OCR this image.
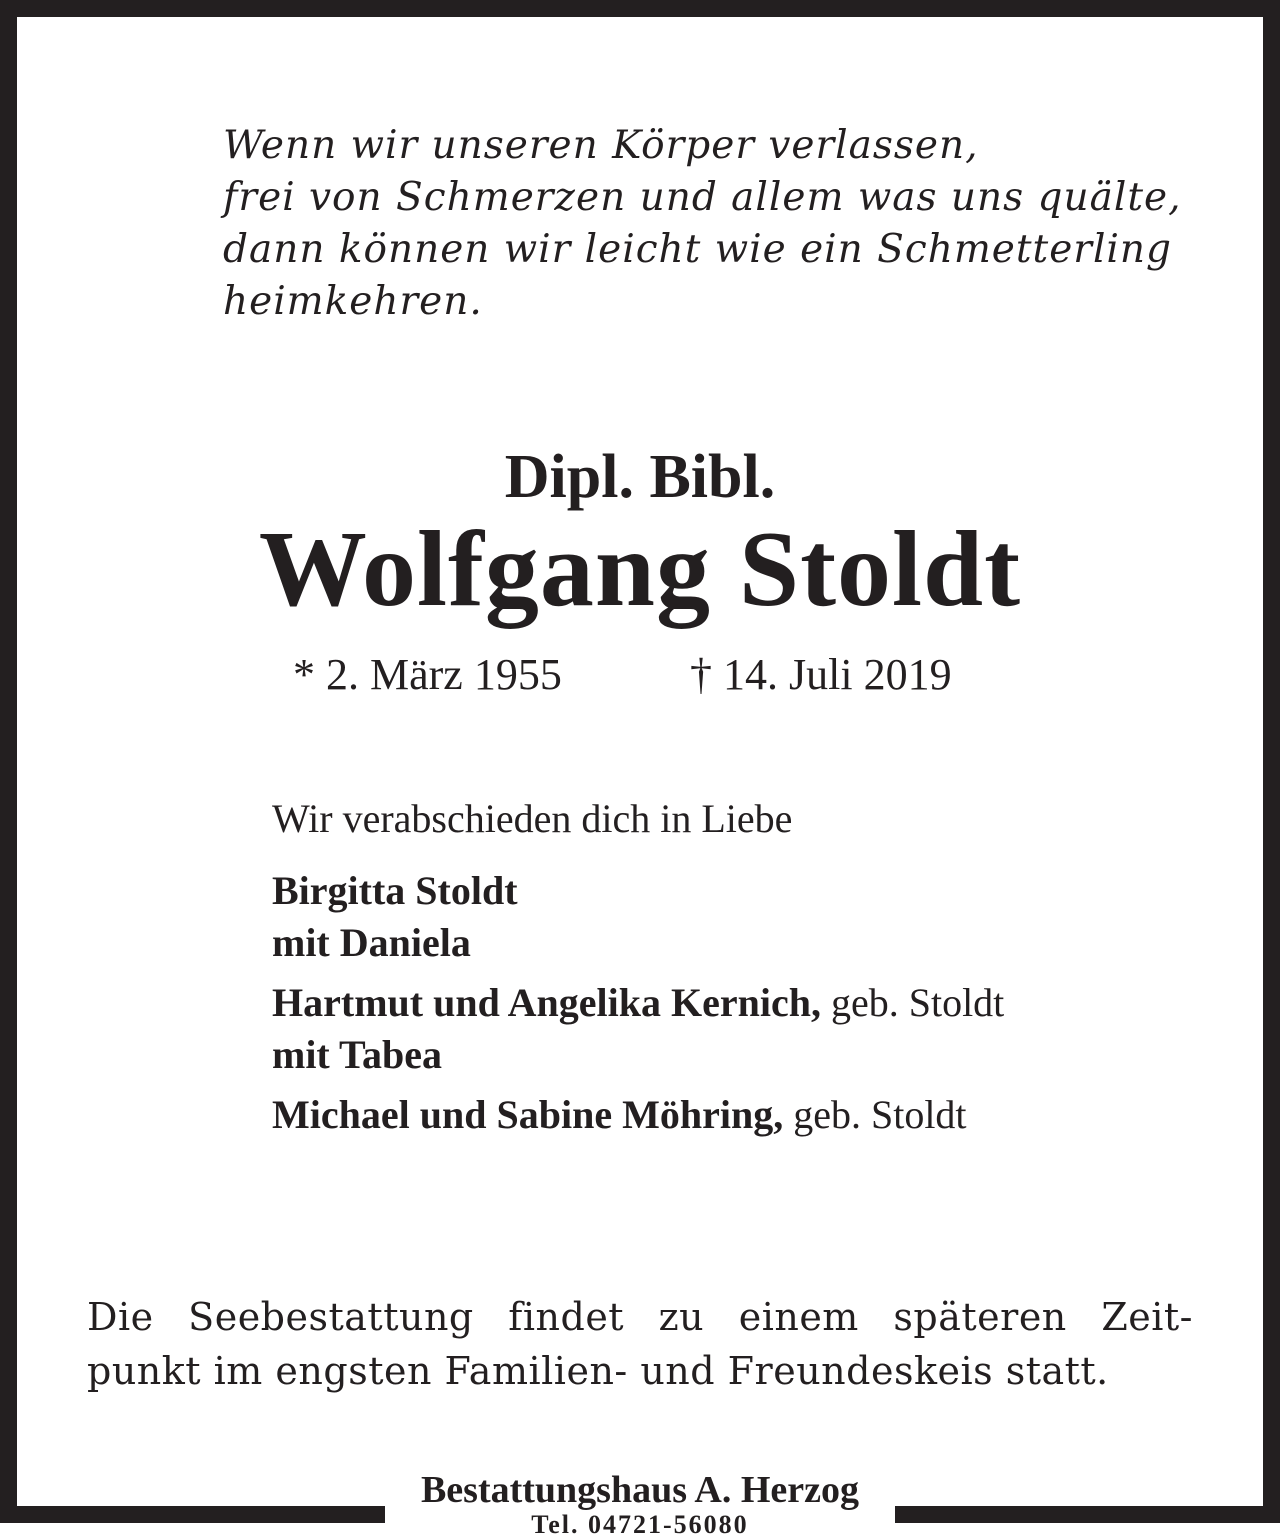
Wenn wir unseren Körper verlassen,
frei von Schmerzen und allem was uns quälte,
dann können wir leicht wie ein Schmetterling
heimkehren.
Dipl. Bibl.
Wolfgang Stoldt
* 2. März 1955	† 14. Juli 2019
Wir verabschieden dich in Liebe
Birgitta Stoldt
mit Daniela
Hartmut und Angelika Kernich, geb. Stoldt
mit Tabea
Michael und Sabine Möhring, geb. Stoldt
Die Seebestattung findet zu einem späteren Zeit-
punkt im engsten Familien- und Freundeskeis statt.
Bestattungshaus A. Herzog
Tel. 04721-56080
